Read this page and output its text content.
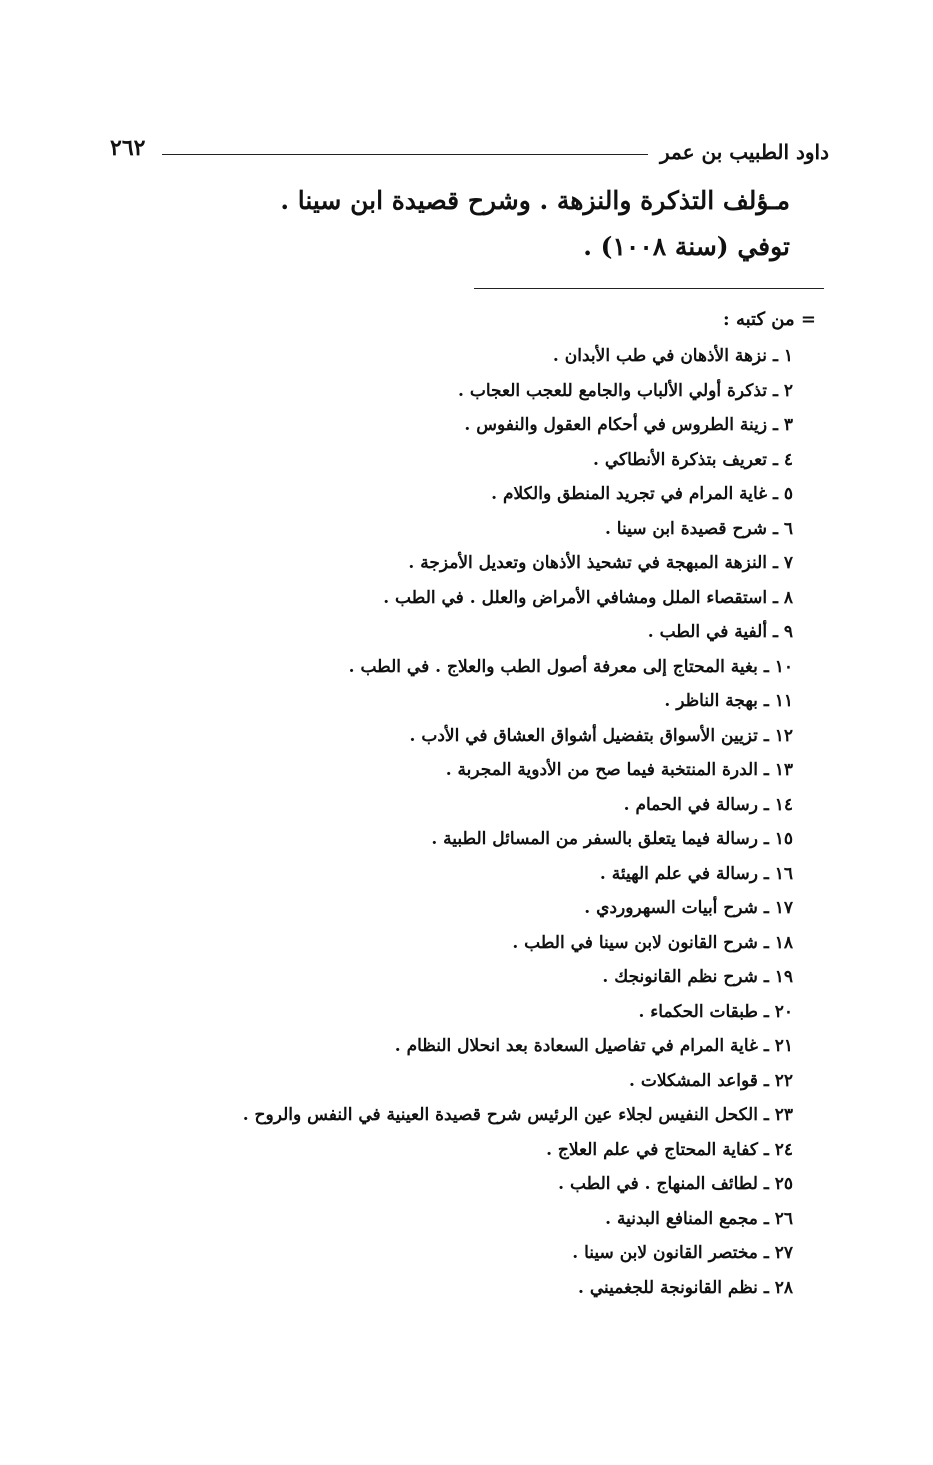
داود الطبيب بن عمر
٢٦٢
مـؤلف التذكرة والنزهة . وشرح قصيدة ابن سينا .
توفي (سنة ١٠٠٨) .
= من كتبه :
١ ـ نزهة الأذهان في طب الأبدان .
٢ ـ تذكرة أولي الألباب والجامع للعجب العجاب .
٣ ـ زينة الطروس في أحكام العقول والنفوس .
٤ ـ تعريف بتذكرة الأنطاكي .
٥ ـ غاية المرام في تجريد المنطق والكلام .
٦ ـ شرح قصيدة ابن سينا .
٧ ـ النزهة المبهجة في تشحيذ الأذهان وتعديل الأمزجة .
٨ ـ استقصاء الملل ومشافي الأمراض والعلل . في الطب .
٩ ـ ألفية في الطب .
١٠ ـ بغية المحتاج إلى معرفة أصول الطب والعلاج . في الطب .
١١ ـ بهجة الناظر .
١٢ ـ تزيين الأسواق بتفضيل أشواق العشاق في الأدب .
١٣ ـ الدرة المنتخبة فيما صح من الأدوية المجربة .
١٤ ـ رسالة في الحمام .
١٥ ـ رسالة فيما يتعلق بالسفر من المسائل الطبية .
١٦ ـ رسالة في علم الهيئة .
١٧ ـ شرح أبيات السهروردي .
١٨ ـ شرح القانون لابن سينا في الطب .
١٩ ـ شرح نظم القانونجك .
٢٠ ـ طبقات الحكماء .
٢١ ـ غاية المرام في تفاصيل السعادة بعد انحلال النظام .
٢٢ ـ قواعد المشكلات .
٢٣ ـ الكحل النفيس لجلاء عين الرئيس شرح قصيدة العينية في النفس والروح .
٢٤ ـ كفاية المحتاج في علم العلاج .
٢٥ ـ لطائف المنهاج . في الطب .
٢٦ ـ مجمع المنافع البدنية .
٢٧ ـ مختصر القانون لابن سينا .
٢٨ ـ نظم القانونجة للجغميني .
